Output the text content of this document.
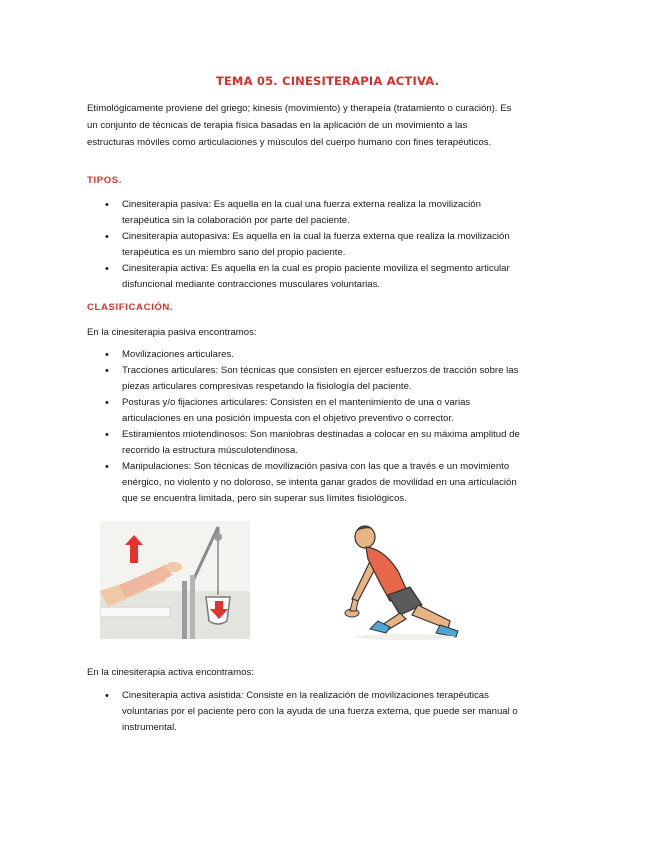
TEMA 05. CINESITERAPIA ACTIVA.
Etimológicamente proviene del griego; kinesis (movimiento) y therapeía (tratamiento o curación). Es un conjunto de técnicas de terapia física basadas en la aplicación de un movimiento a las estructuras móviles como articulaciones y músculos del cuerpo humano con fines terapéuticos.
TIPOS.
• Cinesiterapia pasiva: Es aquella en la cual una fuerza externa realiza la movilización terapéutica sin la colaboración por parte del paciente.
• Cinesiterapia autopasiva: Es aquella en la cual la fuerza externa que realiza la movilización terapéutica es un miembro sano del propio paciente.
• Cinesiterapia activa: Es aquella en la cual es propio paciente moviliza el segmento articular disfuncional mediante contracciones musculares voluntarias.
CLASIFICACIÓN.
En la cinesiterapia pasiva encontramos:
• Movilizaciones articulares.
• Tracciones articulares: Son técnicas que consisten en ejercer esfuerzos de tracción sobre las piezas articulares compresivas respetando la fisiología del paciente.
• Posturas y/o fijaciones articulares: Consisten en el mantenimiento de una o varias articulaciones en una posición impuesta con el objetivo preventivo o corrector.
• Estiramientos miotendinosos: Son maniobras destinadas a colocar en su máxima amplitud de recorrido la estructura músculotendinosa.
• Manipulaciones: Son técnicas de movilización pasiva con las que a través e un movimiento enérgico, no violento y no doloroso, se intenta ganar grados de movilidad en una articulación que se encuentra limitada, pero sin superar sus límites fisiológicos.
En la cinesiterapia activa encontramos:
• Cinesiterapia activa asistida: Consiste en la realización de movilizaciones terapéuticas voluntarias por el paciente pero con la ayuda de una fuerza externa, que puede ser manual o instrumental.
